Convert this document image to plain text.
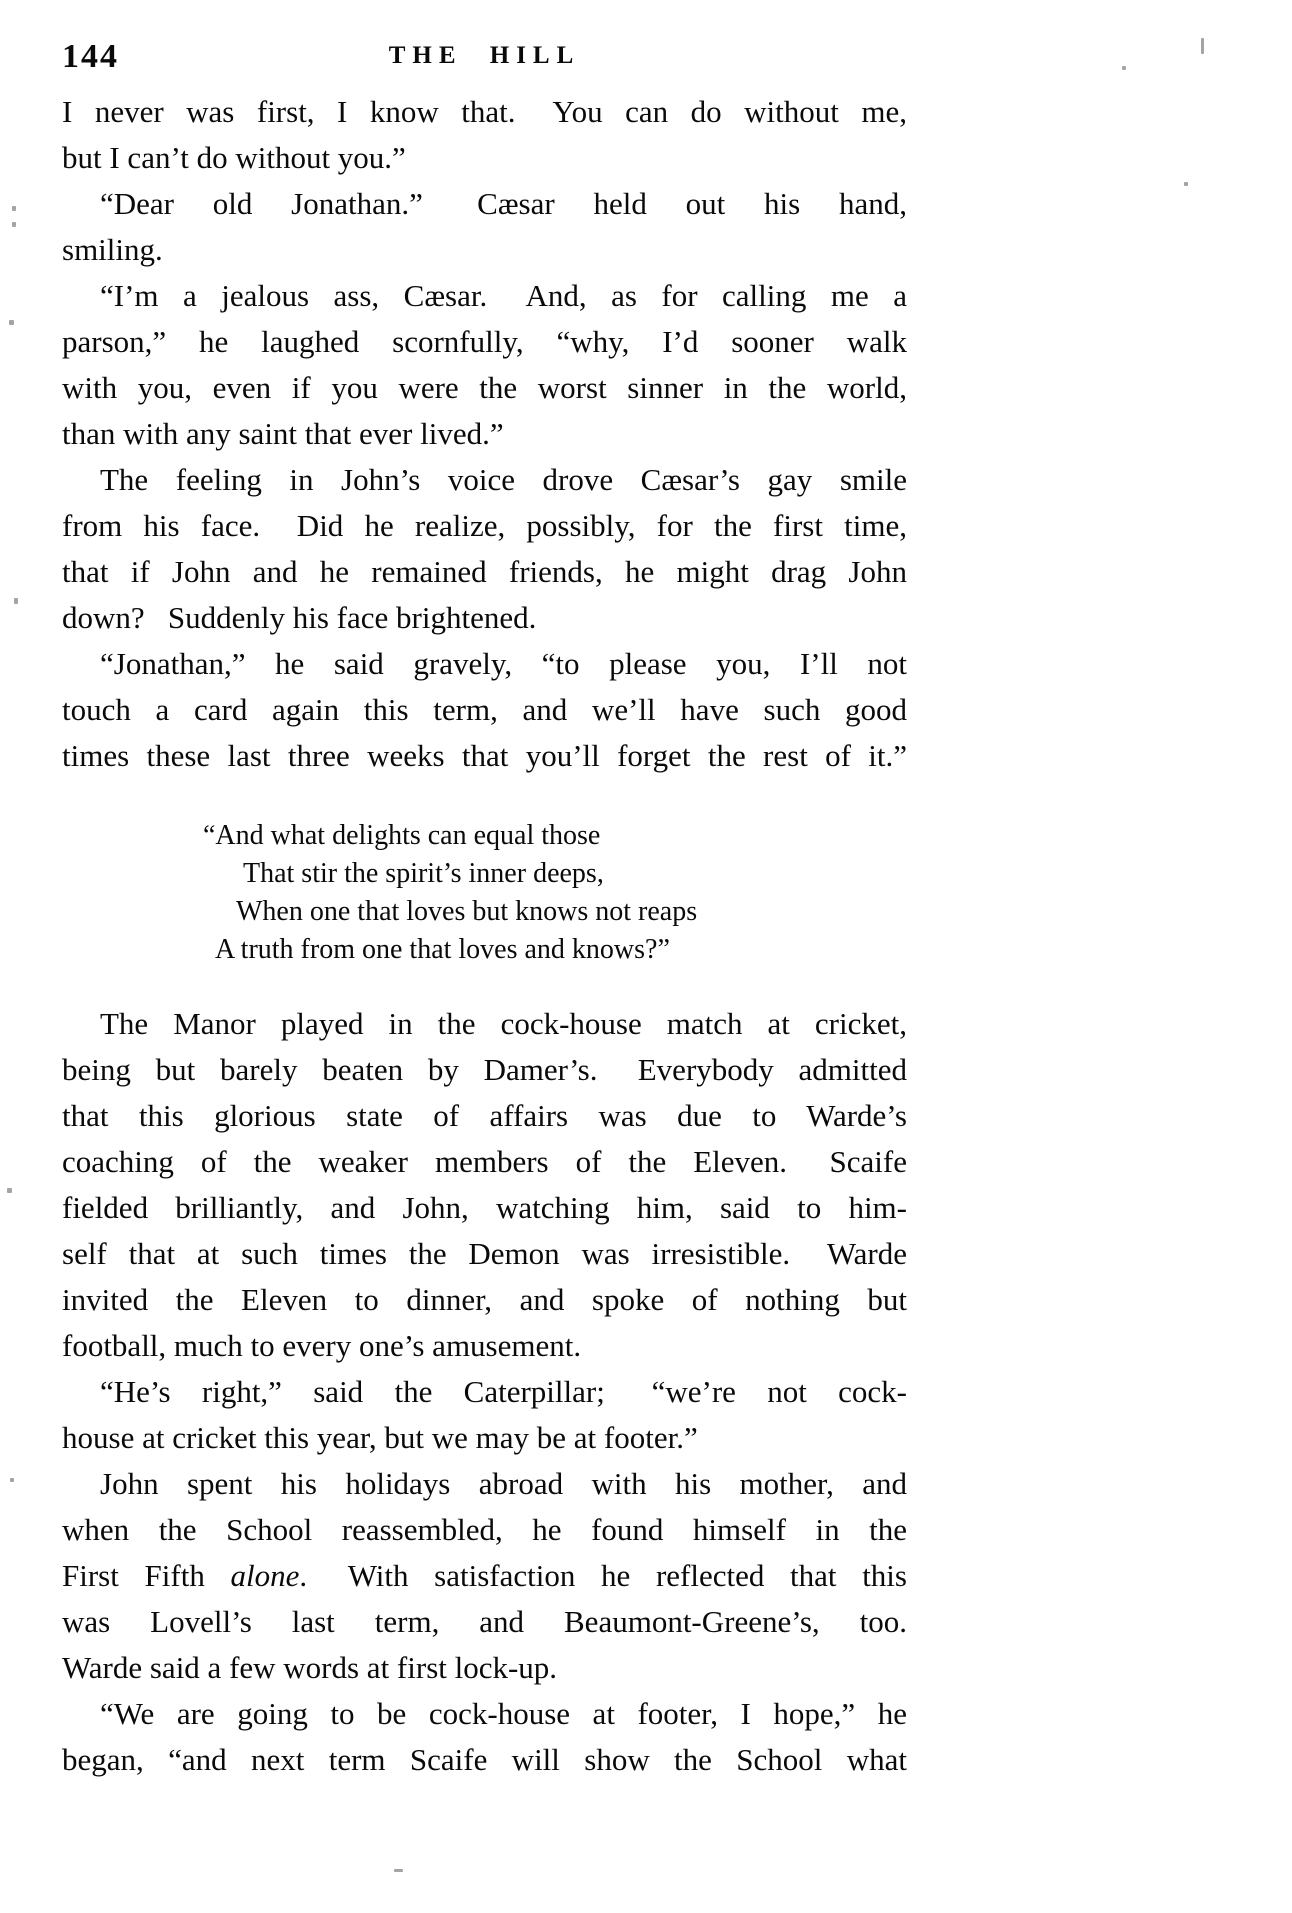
144	THE HILL
I never was first, I know that.  You can do without me,
but I can’t do without you.”
“Dear old Jonathan.”  Cæsar held out his hand,
smiling.
“I’m a jealous ass, Cæsar.  And, as for calling me a
parson,” he laughed scornfully, “why, I’d sooner walk
with you, even if you were the worst sinner in the world,
than with any saint that ever lived.”
The feeling in John’s voice drove Cæsar’s gay smile
from his face.  Did he realize, possibly, for the first time,
that if John and he remained friends, he might drag John
down?  Suddenly his face brightened.
“Jonathan,” he said gravely, “to please you, I’ll not
touch a card again this term, and we’ll have such good
times these last three weeks that you’ll forget the rest of it.”
“And what delights can equal those
That stir the spirit’s inner deeps,
When one that loves but knows not reaps
A truth from one that loves and knows?”
The Manor played in the cock-house match at cricket,
being but barely beaten by Damer’s.  Everybody admitted
that this glorious state of affairs was due to Warde’s
coaching of the weaker members of the Eleven.  Scaife
fielded brilliantly, and John, watching him, said to him-
self that at such times the Demon was irresistible.  Warde
invited the Eleven to dinner, and spoke of nothing but
football, much to every one’s amusement.
“He’s right,” said the Caterpillar;  “we’re not cock-
house at cricket this year, but we may be at footer.”
John spent his holidays abroad with his mother, and
when the School reassembled, he found himself in the
First Fifth alone.  With satisfaction he reflected that this
was Lovell’s last term, and Beaumont-Greene’s, too.
Warde said a few words at first lock-up.
“We are going to be cock-house at footer, I hope,” he
began, “and next term Scaife will show the School what
